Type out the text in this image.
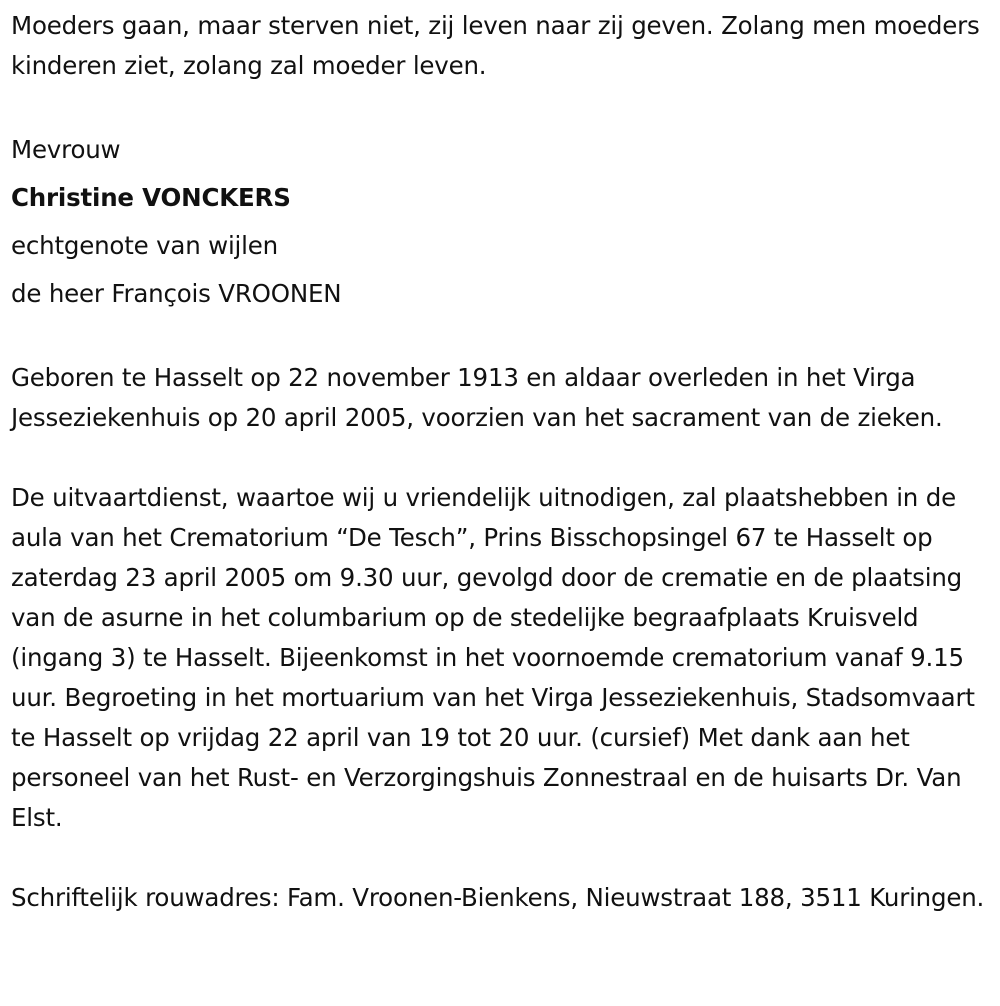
Moeders gaan, maar sterven niet, zij leven naar zij geven. Zolang men moeders kinderen ziet, zolang zal moeder leven.

Mevrouw

Christine VONCKERS

echtgenote van wijlen

de heer François VROONEN

Geboren te Hasselt op 22 november 1913 en aldaar overleden in het Virga Jesseziekenhuis op 20 april 2005, voorzien van het sacrament van de zieken.

De uitvaartdienst, waartoe wij u vriendelijk uitnodigen, zal plaatshebben in de aula van het Crematorium “De Tesch”, Prins Bisschopsingel 67 te Hasselt op zaterdag 23 april 2005 om 9.30 uur, gevolgd door de crematie en de plaatsing van de asurne in het columbarium op de stedelijke begraafplaats Kruisveld (ingang 3) te Hasselt. Bijeenkomst in het voornoemde crematorium vanaf 9.15 uur. Begroeting in het mortuarium van het Virga Jesseziekenhuis, Stadsomvaart te Hasselt op vrijdag 22 april van 19 tot 20 uur. (cursief) Met dank aan het personeel van het Rust- en Verzorgingshuis Zonnestraal en de huisarts Dr. Van Elst.

Schriftelijk rouwadres: Fam. Vroonen-Bienkens, Nieuwstraat 188, 3511 Kuringen.
